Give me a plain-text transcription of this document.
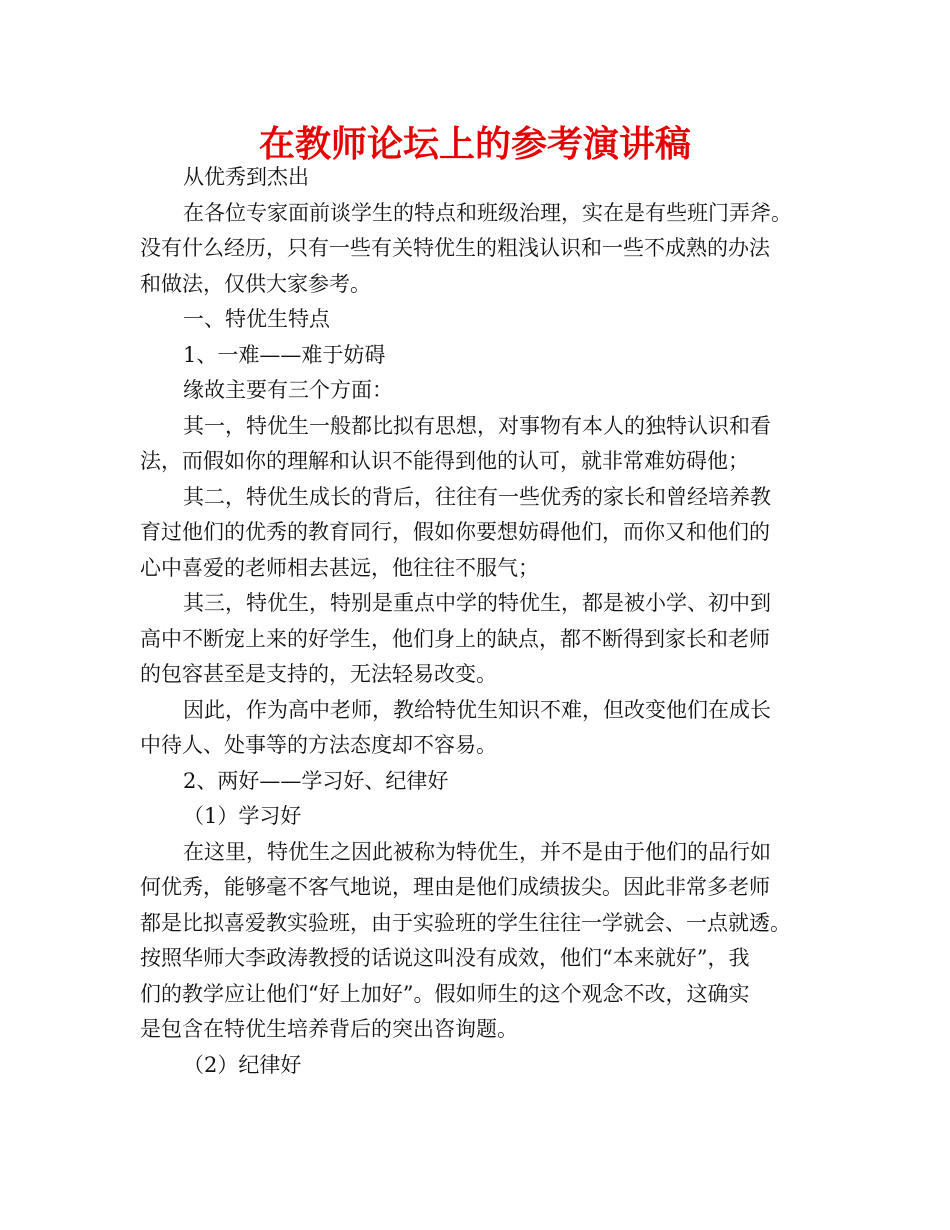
在教师论坛上的参考演讲稿
从优秀到杰出
在各位专家面前谈学生的特点和班级治理，实在是有些班门弄斧。
没有什么经历，只有一些有关特优生的粗浅认识和一些不成熟的办法
和做法，仅供大家参考。
一、特优生特点
1、一难——难于妨碍
缘故主要有三个方面：
其一，特优生一般都比拟有思想，对事物有本人的独特认识和看
法，而假如你的理解和认识不能得到他的认可，就非常难妨碍他；
其二，特优生成长的背后，往往有一些优秀的家长和曾经培养教
育过他们的优秀的教育同行，假如你要想妨碍他们，而你又和他们的
心中喜爱的老师相去甚远，他往往不服气；
其三，特优生，特别是重点中学的特优生，都是被小学、初中到
高中不断宠上来的好学生，他们身上的缺点，都不断得到家长和老师
的包容甚至是支持的，无法轻易改变。
因此，作为高中老师，教给特优生知识不难，但改变他们在成长
中待人、处事等的方法态度却不容易。
2、两好——学习好、纪律好
（1）学习好
在这里，特优生之因此被称为特优生，并不是由于他们的品行如
何优秀，能够毫不客气地说，理由是他们成绩拔尖。因此非常多老师
都是比拟喜爱教实验班，由于实验班的学生往往一学就会、一点就透。
按照华师大李政涛教授的话说这叫没有成效，他们“本来就好”，我
们的教学应让他们“好上加好”。假如师生的这个观念不改，这确实
是包含在特优生培养背后的突出咨询题。
（2）纪律好
